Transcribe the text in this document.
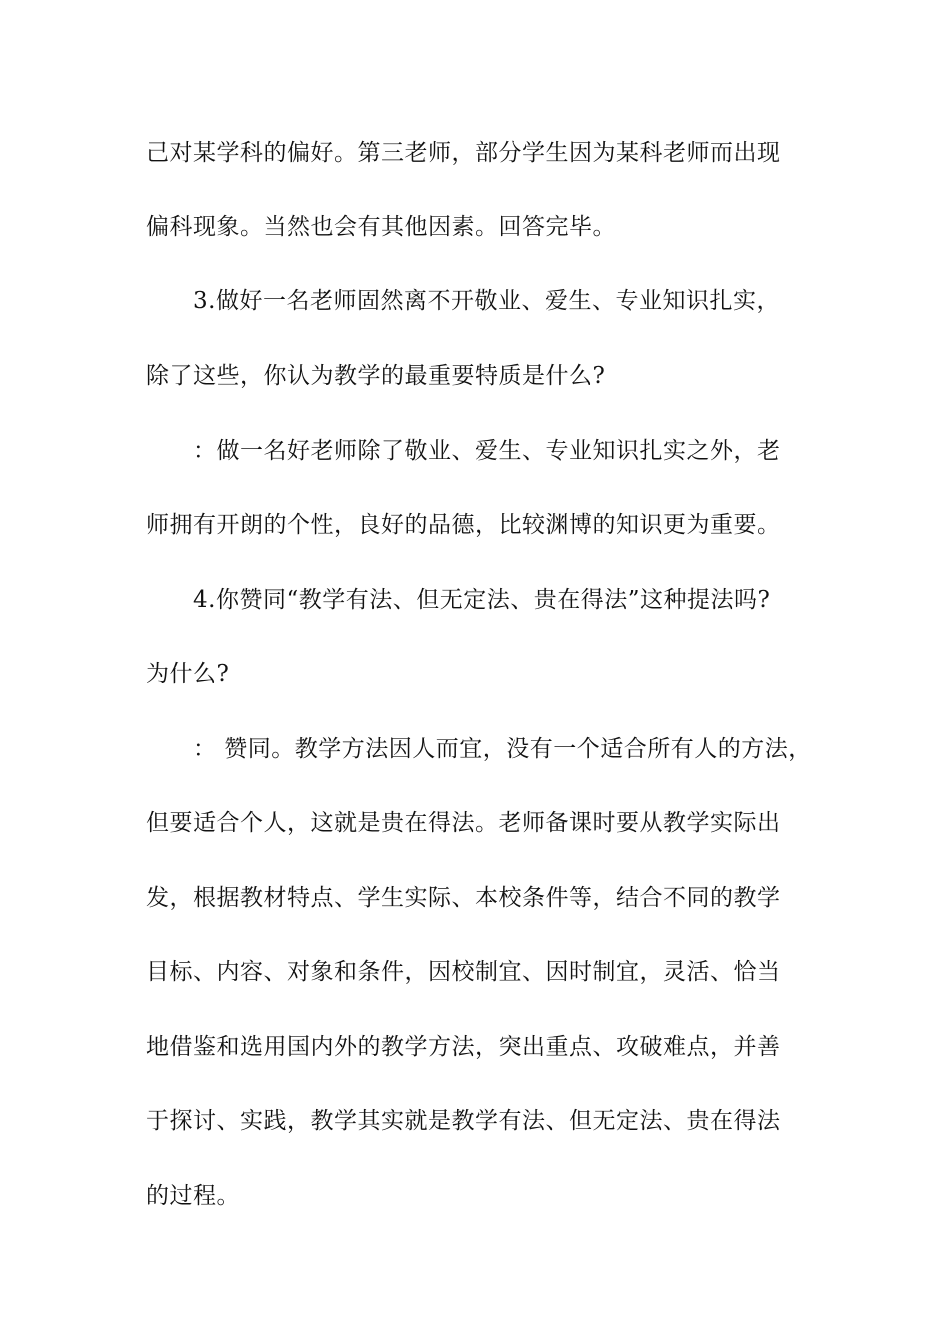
己对某学科的偏好。第三老师，部分学生因为某科老师而出现
偏科现象。当然也会有其他因素。回答完毕。
3.做好一名老师固然离不开敬业、爱生、专业知识扎实，
除了这些，你认为教学的最重要特质是什么?
：做一名好老师除了敬业、爱生、专业知识扎实之外，老
师拥有开朗的个性，良好的品德，比较渊博的知识更为重要。
4.你赞同“教学有法、但无定法、贵在得法”这种提法吗?
为什么?
： 赞同。教学方法因人而宜，没有一个适合所有人的方法，
但要适合个人，这就是贵在得法。老师备课时要从教学实际出
发，根据教材特点、学生实际、本校条件等，结合不同的教学
目标、内容、对象和条件，因校制宜、因时制宜，灵活、恰当
地借鉴和选用国内外的教学方法，突出重点、攻破难点，并善
于探讨、实践，教学其实就是教学有法、但无定法、贵在得法
的过程。
